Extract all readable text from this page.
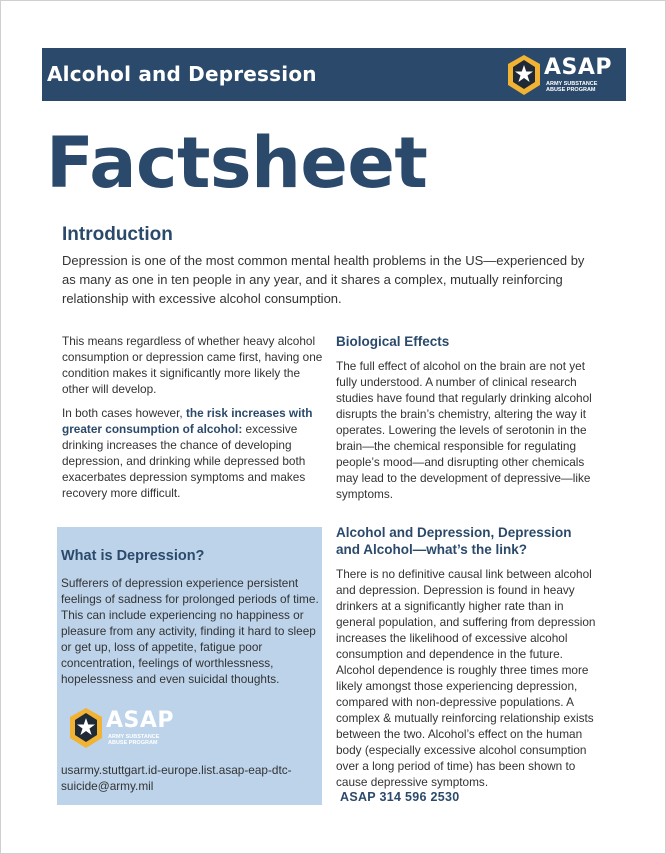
Alcohol and Depression	ASAP
ARMY SUBSTANCE
ABUSE PROGRAM
Factsheet
Introduction
Depression is one of the most common mental health problems in the US—experienced by as many as one in ten people in any year, and it shares a complex, mutually reinforcing relationship with excessive alcohol consumption.

This means regardless of whether heavy alcohol consumption or depression came first, having one condition makes it significantly more likely the other will develop.

In both cases however, the risk increases with greater consumption of alcohol: excessive drinking increases the chance of developing depression, and drinking while depressed both exacerbates depression symptoms and makes recovery more difficult.

Biological Effects

The full effect of alcohol on the brain are not yet fully understood. A number of clinical research studies have found that regularly drinking alcohol disrupts the brain’s chemistry, altering the way it operates. Lowering the levels of serotonin in the brain—the chemical responsible for regulating people’s mood—and disrupting other chemicals may lead to the development of depressive—like symptoms.

What is Depression?
Sufferers of depression experience persistent feelings of sadness for prolonged periods of time. This can include experiencing no happiness or pleasure from any activity, finding it hard to sleep or get up, loss of appetite, fatigue poor concentration, feelings of worthlessness, hopelessness and even suicidal thoughts.
ASAP
ARMY SUBSTANCE
ABUSE PROGRAM
usarmy.stuttgart.id-europe.list.asap-eap-dtc-suicide@army.mil
Alcohol and Depression, Depression and Alcohol—what’s the link?

There is no definitive causal link between alcohol and depression. Depression is found in heavy drinkers at a significantly higher rate than in general population, and suffering from depression increases the likelihood of excessive alcohol consumption and dependence in the future. Alcohol dependence is roughly three times more likely amongst those experiencing depression, compared with non-depressive populations. A complex & mutually reinforcing relationship exists between the two. Alcohol’s effect on the human body (especially excessive alcohol consumption over a long period of time) has been shown to cause depressive symptoms.

ASAP 314 596 2530
